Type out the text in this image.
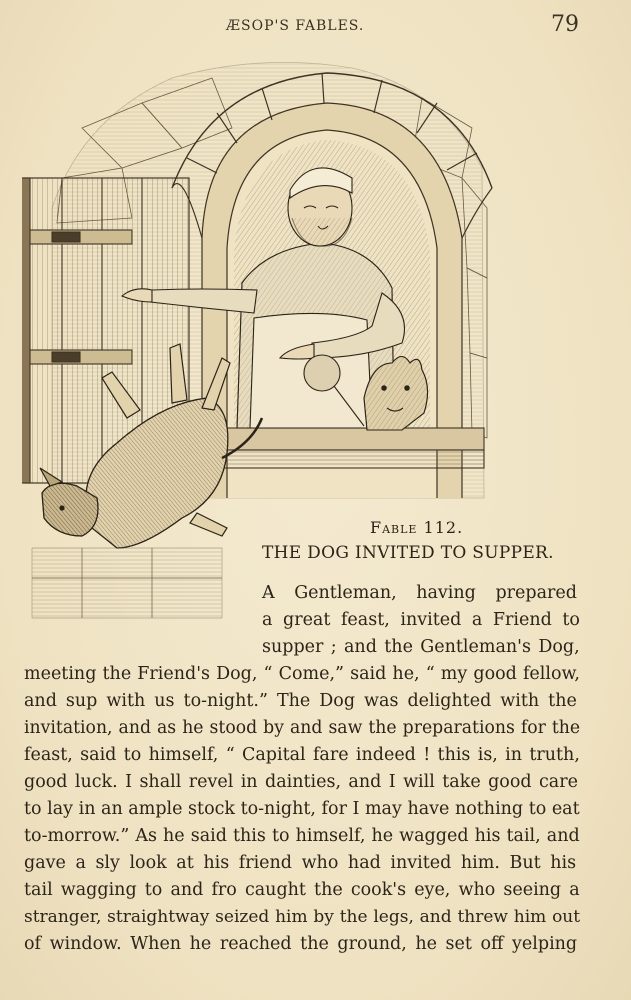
ÆSOP'S FABLES.	79
Fable 112.
THE DOG INVITED TO SUPPER.
A Gentleman, having prepared
a great feast, invited a Friend to
supper ; and the Gentleman's Dog,
meeting the Friend's Dog, “ Come,” said he, “ my good fellow,
and sup with us to-night.” The Dog was delighted with the
invitation, and as he stood by and saw the preparations for the
feast, said to himself, “ Capital fare indeed ! this is, in truth,
good luck. I shall revel in dainties, and I will take good care
to lay in an ample stock to-night, for I may have nothing to eat
to-morrow.” As he said this to himself, he wagged his tail, and
gave a sly look at his friend who had invited him. But his
tail wagging to and fro caught the cook's eye, who seeing a
stranger, straightway seized him by the legs, and threw him out
of window. When he reached the ground, he set off yelping
